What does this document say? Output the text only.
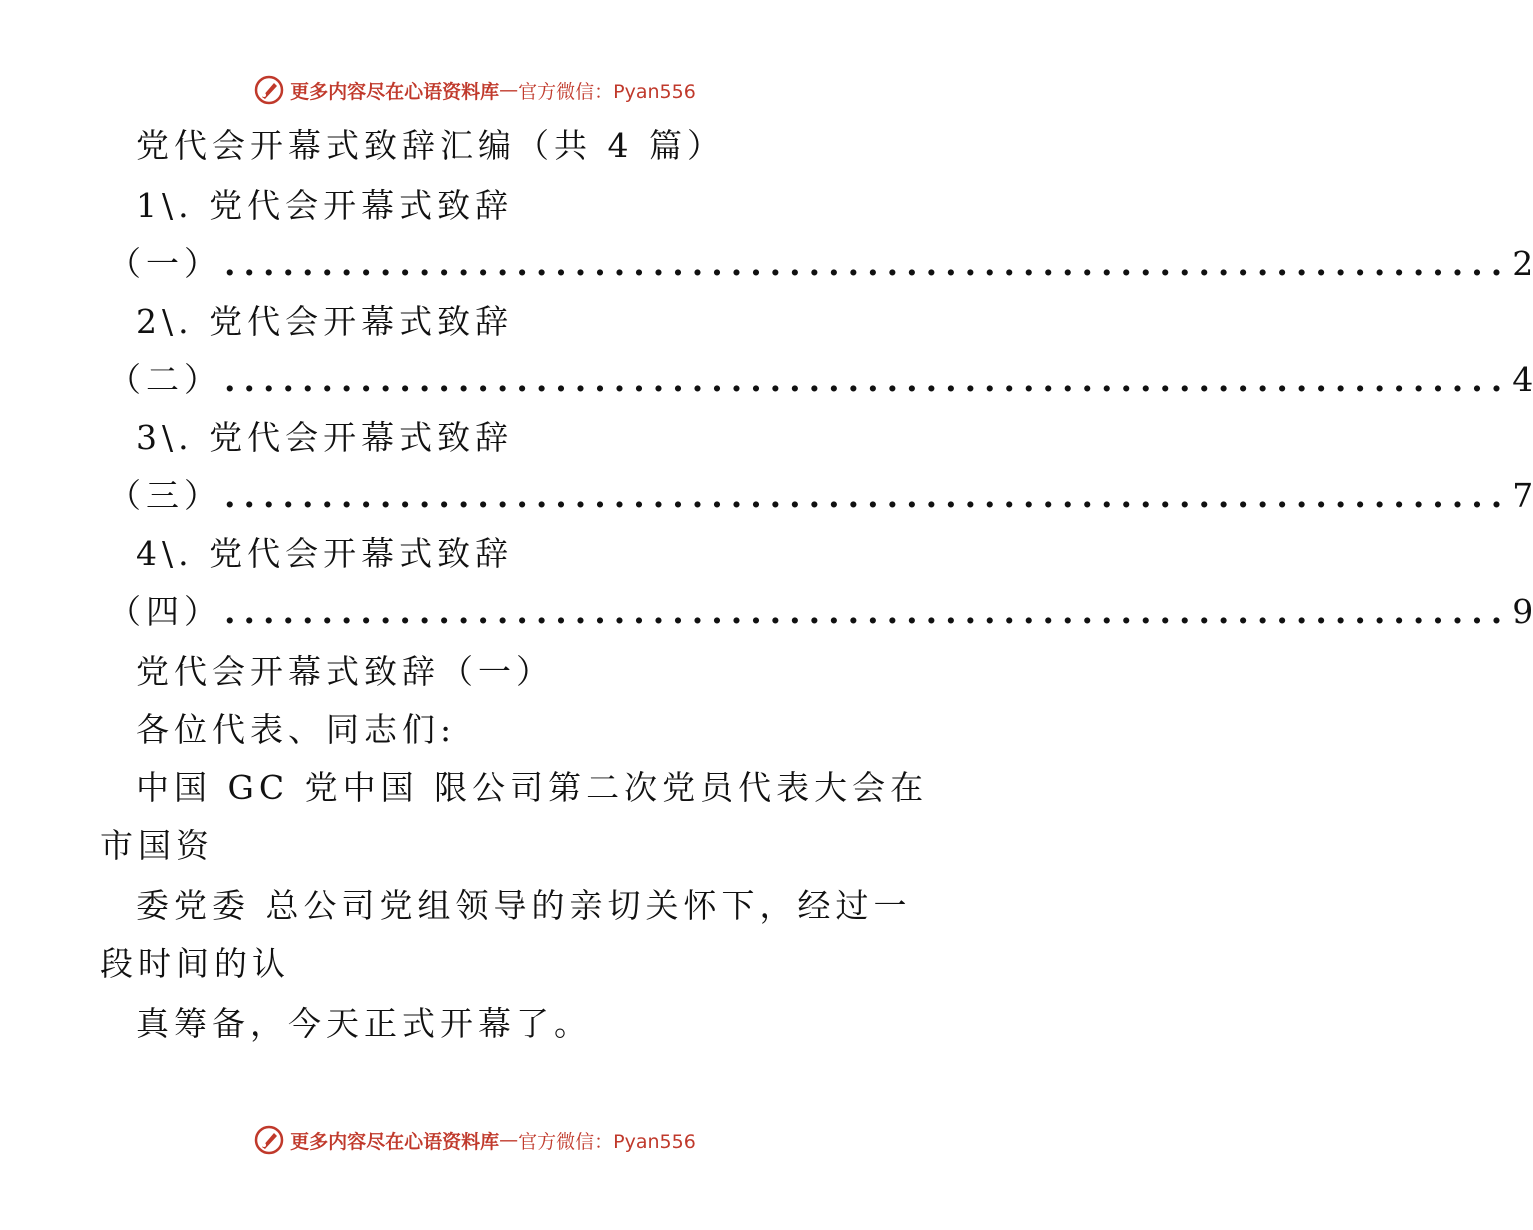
更多内容尽在心语资料库 — 官方微信：Pyan556
党代会开幕式致辞汇编（共 4 篇）
1\. 党代会开幕式致辞
（一） .................................................................. 2
2\. 党代会开幕式致辞
（二） .................................................................. 4
3\. 党代会开幕式致辞
（三） .................................................................. 7
4\. 党代会开幕式致辞
（四） .................................................................. 9
党代会开幕式致辞（一）
各位代表、同志们:
中国 GC 党中国 限公司第二次党员代表大会在
市国资
委党委 总公司党组领导的亲切关怀下，经过一
段时间的认
真筹备，今天正式开幕了。
更多内容尽在心语资料库 — 官方微信：Pyan556
